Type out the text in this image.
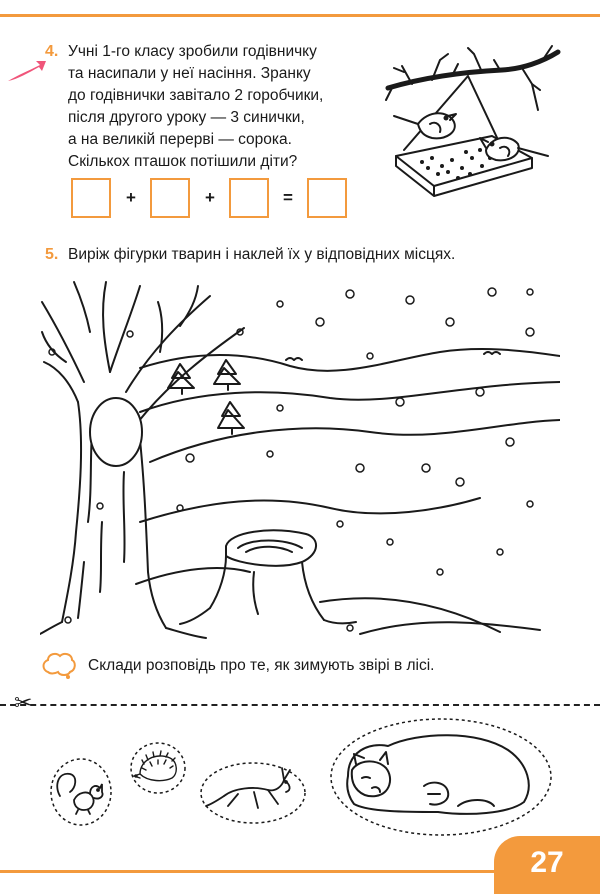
4. Учні 1-го класу зробили годівничку
та насипали у неї насіння. Зранку
до годівнички завітало 2 горобчики,
після другого уроку — 3 синички,
а на великій перерві — сорока.
Скількох пташок потішили діти?
+	+	=
5. Виріж фігурки тварин і наклей їх у відповідних місцях.
Склади розповідь про те, як зимують звірі в лісі.
✂
27
